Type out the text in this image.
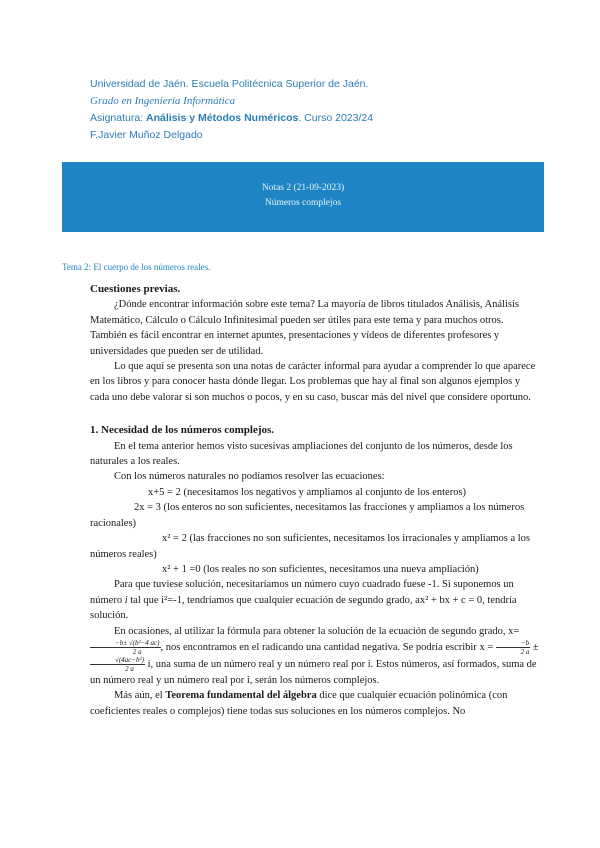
Universidad de Jaén. Escuela Politécnica Superior de Jaén.
Grado en Ingeniería Informática
Asignatura: Análisis y Métodos Numéricos. Curso 2023/24
F.Javier Muñoz Delgado
Notas 2 (21-09-2023)
Números complejos
Tema 2: El cuerpo de los números reales.

Cuestiones previas.

¿Dónde encontrar información sobre este tema? La mayoría de libros titulados Análisis, Análisis Matemático, Cálculo o Cálculo Infinitesimal pueden ser útiles para este tema y para muchos otros. También es fácil encontrar en internet apuntes, presentaciones y vídeos de diferentes profesores y universidades que pueden ser de utilidad.

Lo que aquí se presenta son una notas de carácter informal para ayudar a comprender lo que aparece en los libros y para conocer hasta dónde llegar. Los problemas que hay al final son algunos ejemplos y cada uno debe valorar si son muchos o pocos, y en su caso, buscar más del nivel que considere oportuno.

1. Necesidad de los números complejos.

En el tema anterior hemos visto sucesivas ampliaciones del conjunto de los números, desde los naturales a los reales.

Con los números naturales no podíamos resolver las ecuaciones:

x+5 = 2 (necesitamos los negativos y ampliamos al conjunto de los enteros)

2x = 3 (los enteros no son suficientes, necesitamos las fracciones y ampliamos a los números racionales)

x² = 2 (las fracciones no son suficientes, necesitamos los irracionales y ampliamos a los números reales)

x² + 1 =0 (los reales no son suficientes, necesitamos una nueva ampliación)

Para que tuviese solución, necesitaríamos un número cuyo cuadrado fuese -1. Si suponemos un número i tal que i²=-1, tendríamos que cualquier ecuación de segundo grado, ax² + bx + c = 0, tendría solución.

En ocasiones, al utilizar la fórmula para obtener la solución de la ecuación de segundo grado, x=
$\frac{\text{−b± √(b²−4 ac)}}{2 a}$ , nos encontramos en el radicando una cantidad negativa. Se podría escribir $x = \frac{-b}{2 a}$ ±
$\frac{\text{√(4ac−b²)}}{2 a} i$, una suma de un número real y un número real por i. Estos números, así formados, suma de un número real y un número real por i, serán los números complejos.

Más aún, el Teorema fundamental del álgebra dice que cualquier ecuación polinómica (con coeficientes reales o complejos) tiene todas sus soluciones en los números complejos. No
